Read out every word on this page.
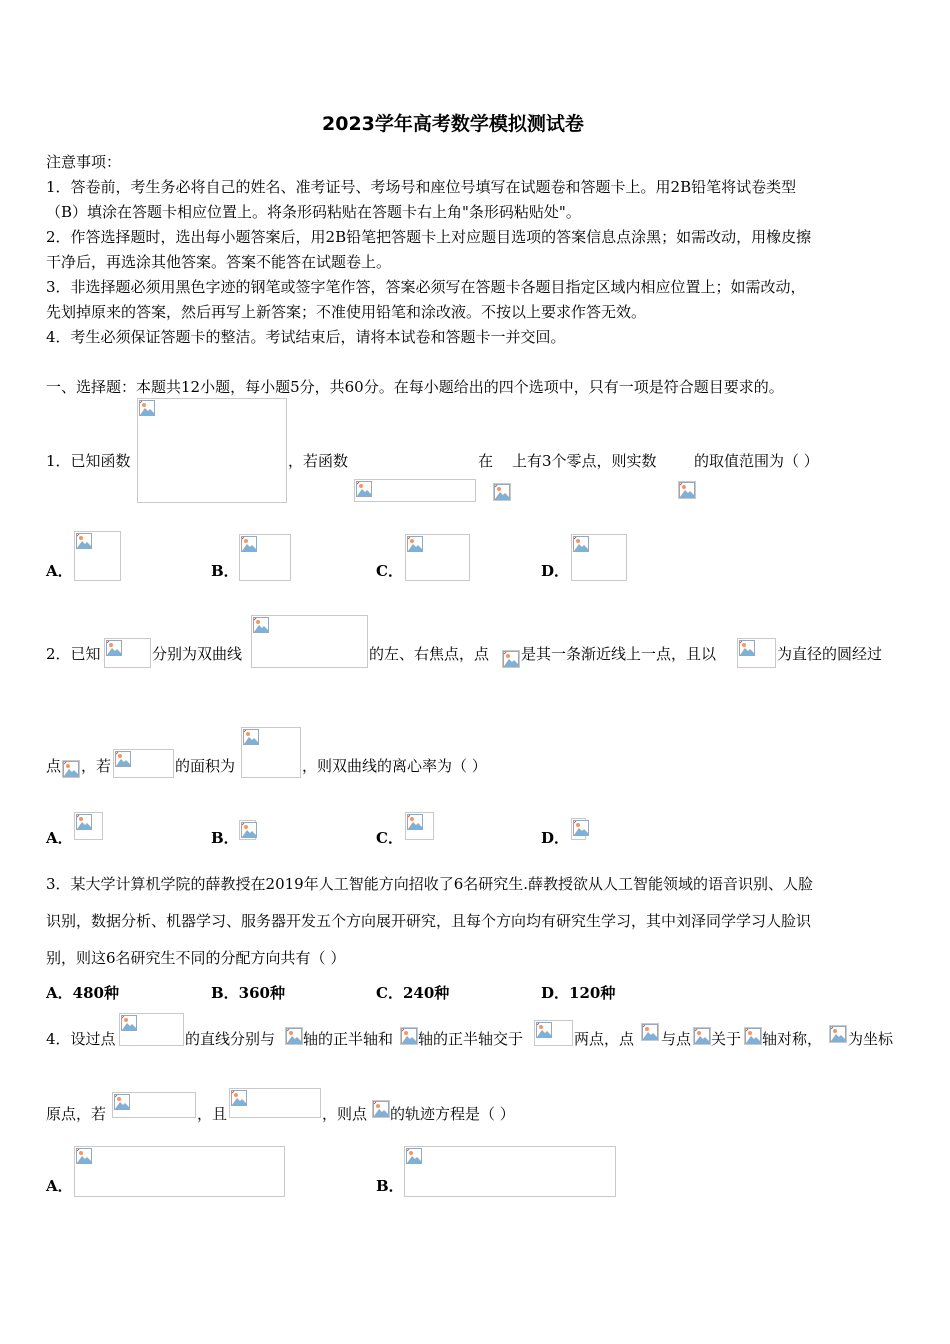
2023学年高考数学模拟测试卷
注意事项：
1．答卷前，考生务必将自己的姓名、准考证号、考场号和座位号填写在试题卷和答题卡上。用2B铅笔将试卷类型
（B）填涂在答题卡相应位置上。将条形码粘贴在答题卡右上角"条形码粘贴处"。
2．作答选择题时，选出每小题答案后，用2B铅笔把答题卡上对应题目选项的答案信息点涂黑；如需改动，用橡皮擦
干净后，再选涂其他答案。答案不能答在试题卷上。
3．非选择题必须用黑色字迹的钢笔或签字笔作答，答案必须写在答题卡各题目指定区域内相应位置上；如需改动，
先划掉原来的答案，然后再写上新答案；不准使用铅笔和涂改液。不按以上要求作答无效。
4．考生必须保证答题卡的整洁。考试结束后，请将本试卷和答题卡一并交回。
一、选择题：本题共12小题，每小题5分，共60分。在每小题给出的四个选项中，只有一项是符合题目要求的。
1．已知函数	，若函数	在 上有3个零点，则实数 的取值范围为（ ）
A．	B．	C．	D．
2．已知	分别为双曲线	的左、右焦点，点 是其一条渐近线上一点，且以	为直径的圆经过
点 ，若	的面积为	，则双曲线的离心率为（ ）
A．	B．	C．	D．
3．某大学计算机学院的薛教授在2019年人工智能方向招收了6名研究生.薛教授欲从人工智能领域的语音识别、人脸
识别，数据分析、机器学习、服务器开发五个方向展开研究，且每个方向均有研究生学习，其中刘泽同学学习人脸识
别，则这6名研究生不同的分配方向共有（ ）
A．480种	B．360种	C．240种	D．120种
4．设过点	的直线分别与 轴的正半轴和 轴的正半轴交于	两点，点 与点 关于 轴对称， 为坐标
原点，若	，且	，则点 的轨迹方程是（ ）
A．	B．
